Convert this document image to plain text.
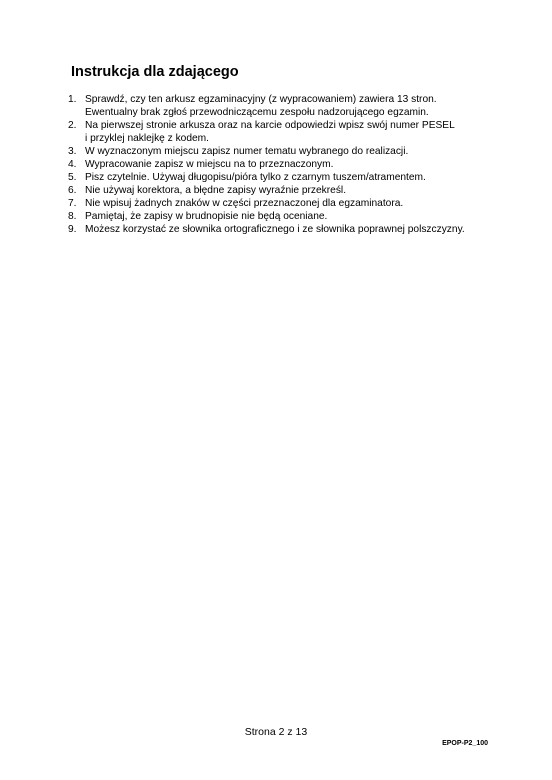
Instrukcja dla zdającego
1. Sprawdź, czy ten arkusz egzaminacyjny (z wypracowaniem) zawiera 13 stron.
Ewentualny brak zgłoś przewodniczącemu zespołu nadzorującego egzamin.
2. Na pierwszej stronie arkusza oraz na karcie odpowiedzi wpisz swój numer PESEL
i przyklej naklejkę z kodem.
3. W wyznaczonym miejscu zapisz numer tematu wybranego do realizacji.
4. Wypracowanie zapisz w miejscu na to przeznaczonym.
5. Pisz czytelnie. Używaj długopisu/pióra tylko z czarnym tuszem/atramentem.
6. Nie używaj korektora, a błędne zapisy wyraźnie przekreśl.
7. Nie wpisuj żadnych znaków w części przeznaczonej dla egzaminatora.
8. Pamiętaj, że zapisy w brudnopisie nie będą oceniane.
9. Możesz korzystać ze słownika ortograficznego i ze słownika poprawnej polszczyzny.

Strona 2 z 13

EPOP-P2_100
